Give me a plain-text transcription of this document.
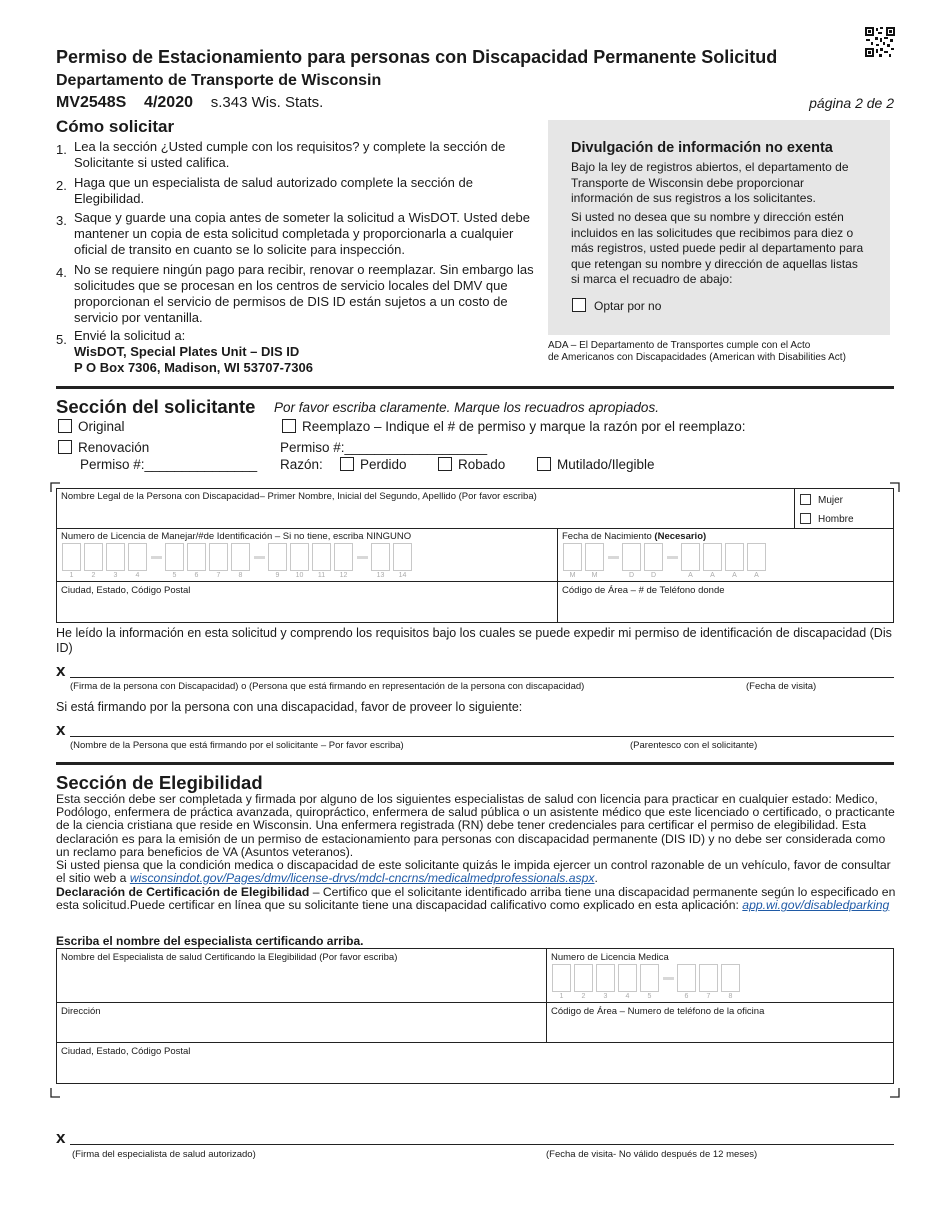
Permiso de Estacionamiento para personas con Discapacidad Permanente Solicitud
Departamento de Transporte de Wisconsin
MV2548S 4/2020 s.343 Wis. Stats.	página 2 de 2
Cómo solicitar
1. Lea la sección ¿Usted cumple con los requisitos? y complete la sección de Solicitante si usted califica.
2. Haga que un especialista de salud autorizado complete la sección de Elegibilidad.
3. Saque y guarde una copia antes de someter la solicitud a WisDOT. Usted debe mantener un copia de esta solicitud completada y proporcionarla a cualquier oficial de transito en cuanto se lo solicite para inspección.
4. No se requiere ningún pago para recibir, renovar o reemplazar. Sin embargo las solicitudes que se procesan en los centros de servicio locales del DMV que proporcionan el servicio de permisos de DIS ID están sujetos a un costo de servicio por ventanilla.
5. Envié la solicitud a:
WisDOT, Special Plates Unit – DIS ID
P O Box 7306, Madison, WI 53707-7306
Divulgación de información no exenta
Bajo la ley de registros abiertos, el departamento de Transporte de Wisconsin debe proporcionar información de sus registros a los solicitantes.
Si usted no desea que su nombre y dirección estén incluidos en las solicitudes que recibimos para diez o más registros, usted puede pedir al departamento para que retengan su nombre y dirección de aquellas listas si marca el recuadro de abajo:
Optar por no
ADA – El Departamento de Transportes cumple con el Acto
de Americanos con Discapacidades (American with Disabilities Act)
Sección del solicitante Por favor escriba claramente. Marque los recuadros apropiados.
Original	Reemplazo – Indique el # de permiso y marque la razón por el reemplazo:
Renovación
Permiso #:_______________
Permiso #:___________________
Razón:	Perdido	Robado	Mutilado/Ilegible
Nombre Legal de la Persona con Discapacidad– Primer Nombre, Inicial del Segundo, Apellido (Por favor escriba)	Mujer
Hombre
Numero de Licencia de Manejar/#de Identificación – Si no tiene, escriba NINGUNO	Fecha de Nacimiento (Necesario)
Ciudad, Estado, Código Postal	Código de Área – # de Teléfono donde
He leído la información en esta solicitud y comprendo los requisitos bajo los cuales se puede expedir mi permiso de identificación de discapacidad (Dis ID)
x
(Firma de la persona con Discapacidad) o (Persona que está firmando en representación de la persona con discapacidad)	(Fecha de visita)
Si está firmando por la persona con una discapacidad, favor de proveer lo siguiente:
x
(Nombre de la Persona que está firmando por el solicitante – Por favor escriba)	(Parentesco con el solicitante)
Sección de Elegibilidad
Esta sección debe ser completada y firmada por alguno de los siguientes especialistas de salud con licencia para practicar en cualquier estado: Medico, Podólogo, enfermera de práctica avanzada, quiropráctico, enfermera de salud pública o un asistente médico que este licenciado o certificado, o practicante de la ciencia cristiana que reside en Wisconsin. Una enfermera registrada (RN) debe tener credenciales para certificar el permiso de elegibilidad. Esta declaración es para la emisión de un permiso de estacionamiento para personas con discapacidad permanente (DIS ID) y no debe ser considerada como un reclamo para beneficios de VA (Asuntos veteranos).
Si usted piensa que la condición medica o discapacidad de este solicitante quizás le impida ejercer un control razonable de un vehículo, favor de consultar el sitio web a wisconsindot.gov/Pages/dmv/license-drvs/mdcl-cncrns/medicalmedprofessionals.aspx.
Declaración de Certificación de Elegibilidad – Certifico que el solicitante identificado arriba tiene una discapacidad permanente según lo especificado en esta solicitud.Puede certificar en línea que su solicitante tiene una discapacidad calificativo como explicado en esta aplicación: app.wi.gov/disabledparking
Escriba el nombre del especialista certificando arriba.
Nombre del Especialista de salud Certificando la Elegibilidad (Por favor escriba)	Numero de Licencia Medica
Dirección	Código de Área – Numero de teléfono de la oficina
Ciudad, Estado, Código Postal
x
(Firma del especialista de salud autorizado)	(Fecha de visita- No válido después de 12 meses)
1	2	3	4	5	6	7	8	9	10	11	12	13	14	M	M	D	D	A	A	A	A
1	2	3	4	5	6	7	8
